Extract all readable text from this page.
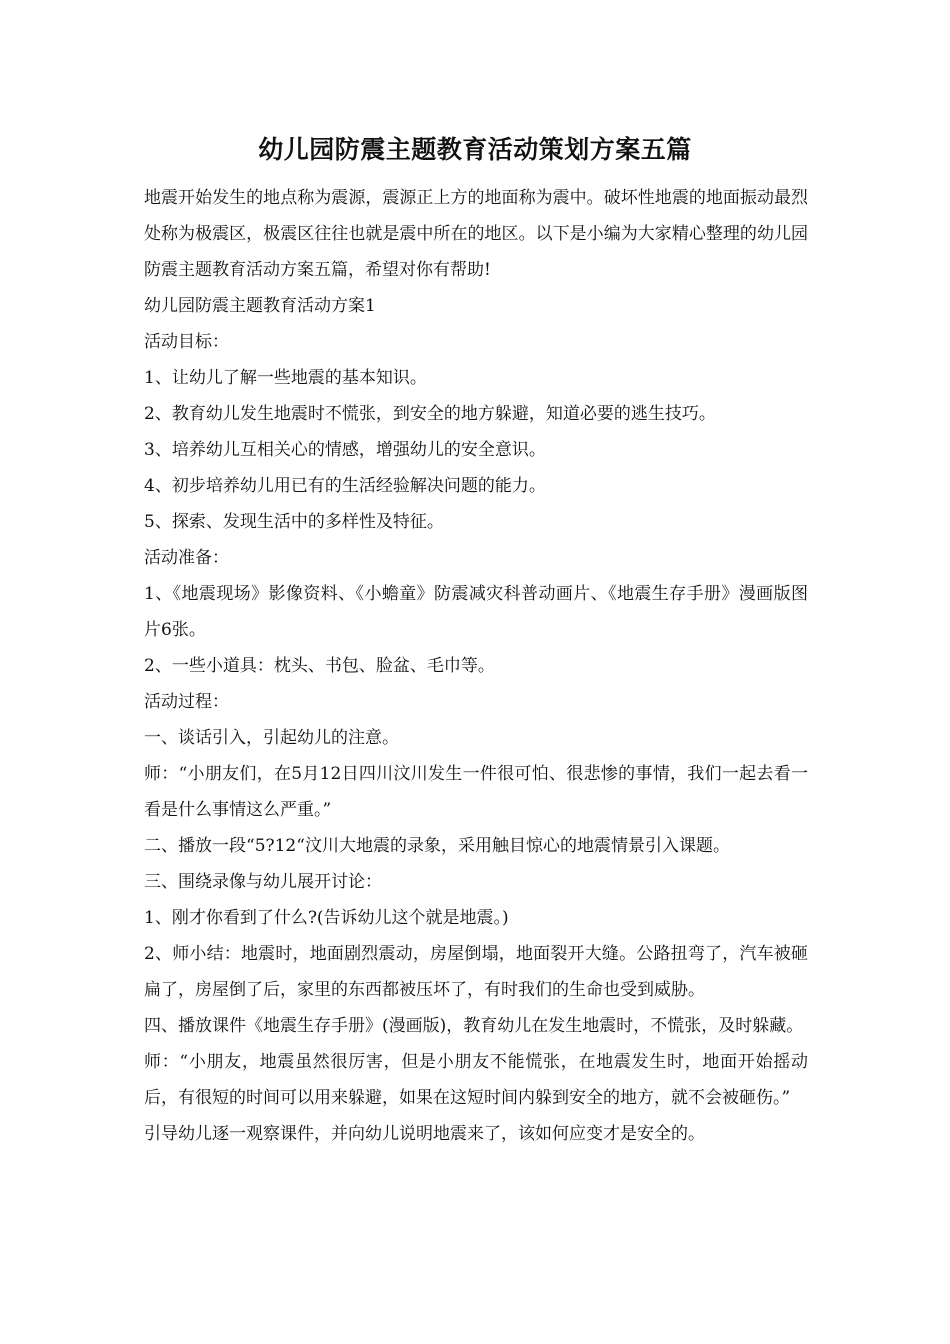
幼儿园防震主题教育活动策划方案五篇

地震开始发生的地点称为震源，震源正上方的地面称为震中。破坏性地震的地面振动最烈处称为极震区，极震区往往也就是震中所在的地区。以下是小编为大家精心整理的幼儿园防震主题教育活动方案五篇，希望对你有帮助!

幼儿园防震主题教育活动方案1

活动目标：

1、让幼儿了解一些地震的基本知识。

2、教育幼儿发生地震时不慌张，到安全的地方躲避，知道必要的逃生技巧。

3、培养幼儿互相关心的情感，增强幼儿的安全意识。

4、初步培养幼儿用已有的生活经验解决问题的能力。

5、探索、发现生活中的多样性及特征。

活动准备：

1、《地震现场》影像资料、《小蟾童》防震减灾科普动画片、《地震生存手册》漫画版图片6张。

2、一些小道具：枕头、书包、脸盆、毛巾等。

活动过程：

一、谈话引入，引起幼儿的注意。

师：“小朋友们，在5月12日四川汶川发生一件很可怕、很悲惨的事情，我们一起去看一看是什么事情这么严重。”

二、播放一段“5?12“汶川大地震的录象，采用触目惊心的地震情景引入课题。

三、围绕录像与幼儿展开讨论：

1、刚才你看到了什么?(告诉幼儿这个就是地震。)

2、师小结：地震时，地面剧烈震动，房屋倒塌，地面裂开大缝。公路扭弯了，汽车被砸扁了，房屋倒了后，家里的东西都被压坏了，有时我们的生命也受到威胁。

四、播放课件《地震生存手册》(漫画版)，教育幼儿在发生地震时，不慌张，及时躲藏。

师：“小朋友，地震虽然很厉害，但是小朋友不能慌张，在地震发生时，地面开始摇动后，有很短的时间可以用来躲避，如果在这短时间内躲到安全的地方，就不会被砸伤。”

引导幼儿逐一观察课件，并向幼儿说明地震来了，该如何应变才是安全的。
